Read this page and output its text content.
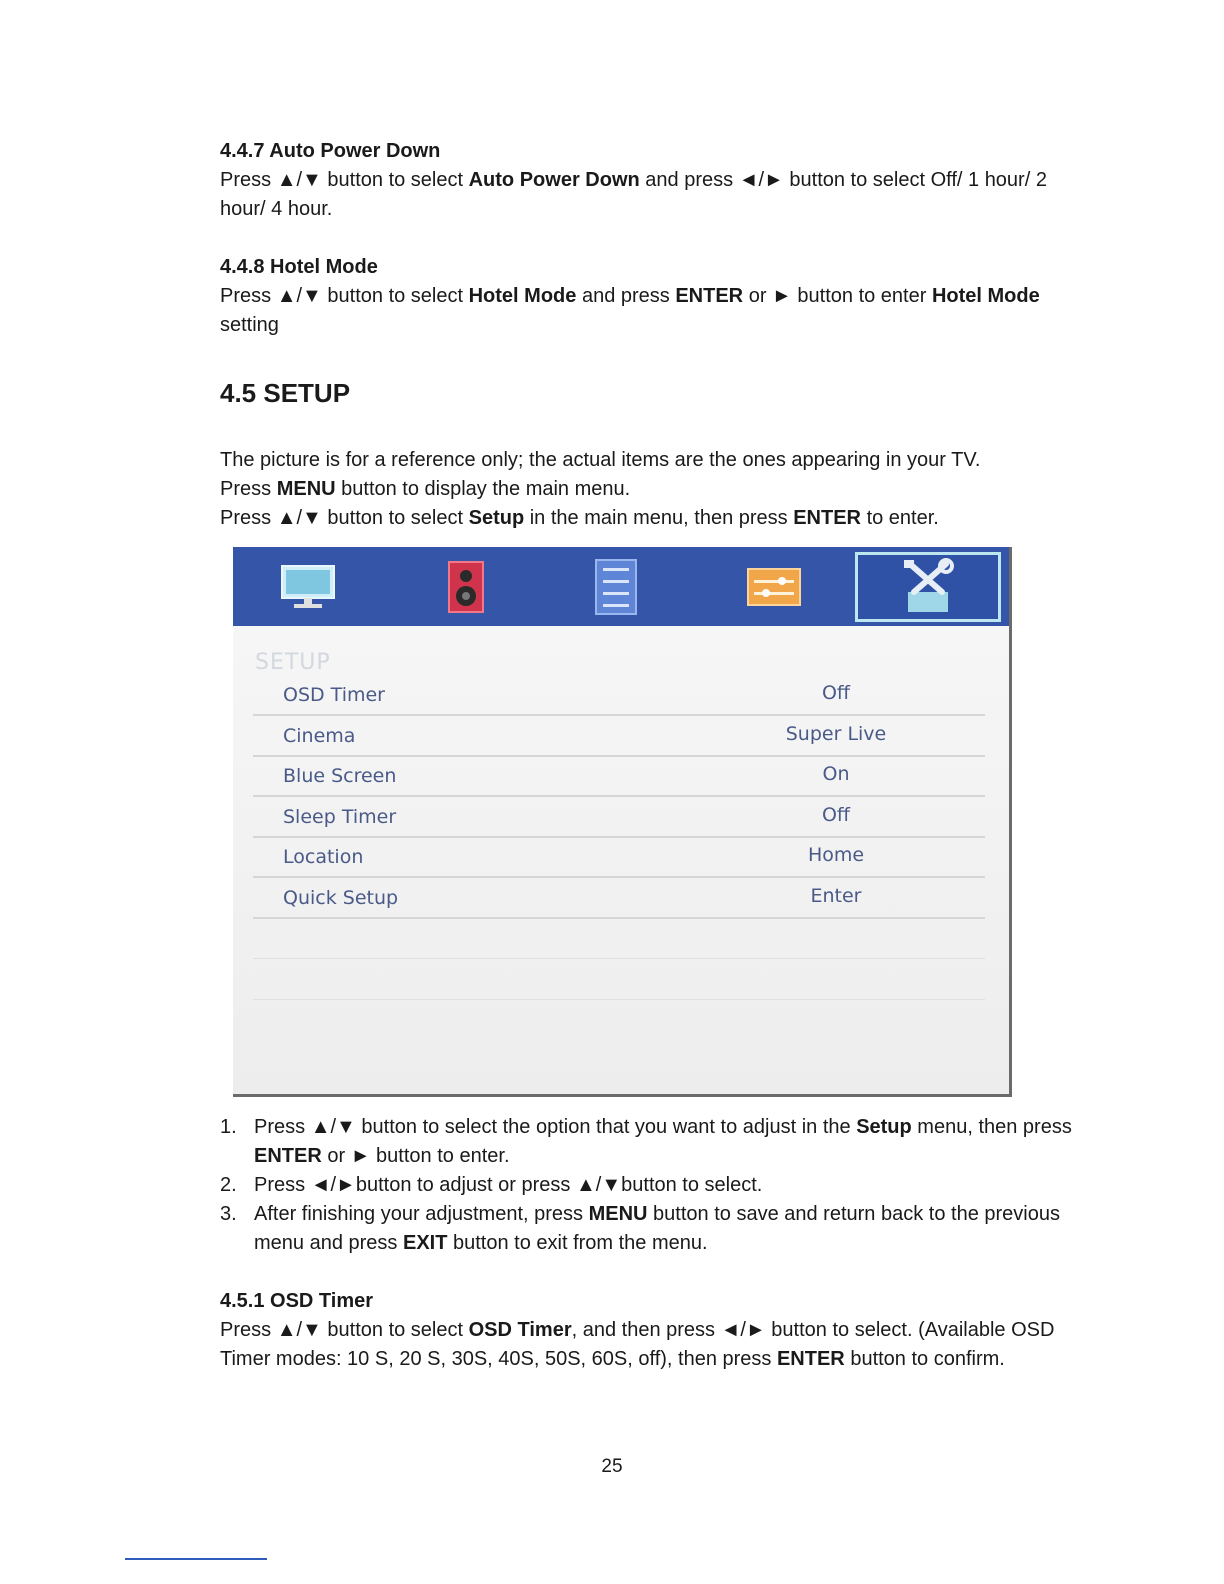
4.4.7 Auto Power Down

Press ▲/▼ button to select Auto Power Down and press ◄/► button to select Off/ 1 hour/ 2 hour/ 4 hour.

4.4.8 Hotel Mode

Press ▲/▼ button to select Hotel Mode and press ENTER or ► button to enter Hotel Mode setting

4.5 SETUP

The picture is for a reference only; the actual items are the ones appearing in your TV.
Press MENU button to display the main menu.
Press ▲/▼ button to select Setup in the main menu, then press ENTER to enter.

SETUP
OSD Timer	Off
Cinema	Super Live
Blue Screen	On
Sleep Timer	Off
Location	Home
Quick Setup	Enter
1. Press ▲/▼ button to select the option that you want to adjust in the Setup menu, then press ENTER or ► button to enter.
2. Press ◄/►button to adjust or press ▲/▼button to select.
3. After finishing your adjustment, press MENU button to save and return back to the previous menu and press EXIT button to exit from the menu.
4.5.1 OSD Timer

Press ▲/▼ button to select OSD Timer, and then press ◄/► button to select. (Available OSD Timer modes: 10 S, 20 S, 30S, 40S, 50S, 60S, off), then press ENTER button to confirm.

25
